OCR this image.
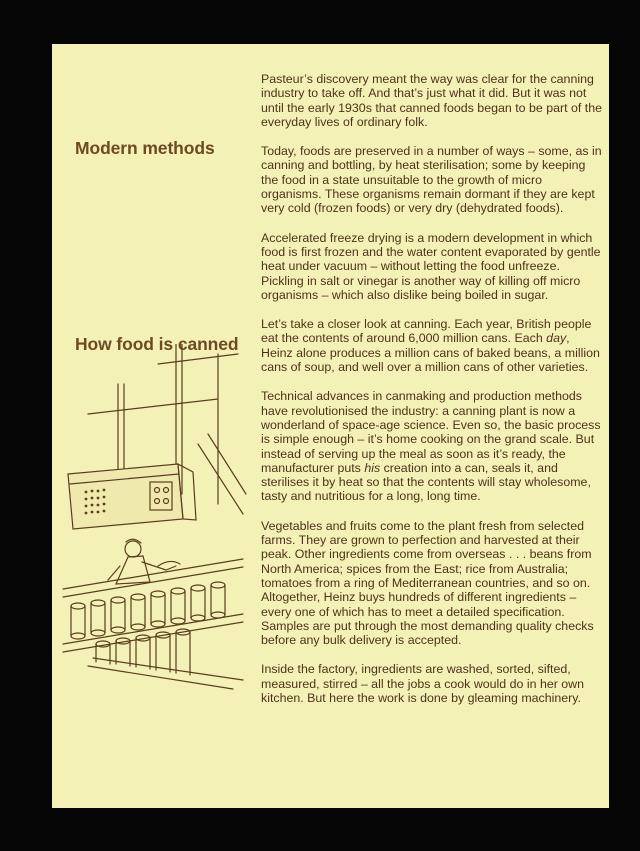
Modern methods
How food is canned

Pasteur’s discovery meant the way was clear for the canning industry to take off. And that’s just what it did. But it was not until the early 1930s that canned foods began to be part of the everyday lives of ordinary folk.

Today, foods are preserved in a number of ways – some, as in canning and bottling, by heat sterilisation; some by keeping the food in a state unsuitable to the growth of micro organisms. These organisms remain dormant if they are kept very cold (frozen foods) or very dry (dehydrated foods).

Accelerated freeze drying is a modern development in which food is first frozen and the water content evaporated by gentle heat under vacuum – without letting the food unfreeze. Pickling in salt or vinegar is another way of killing off micro organisms – which also dislike being boiled in sugar.

Let’s take a closer look at canning. Each year, British people eat the contents of around 6,000 million cans. Each day, Heinz alone produces a million cans of baked beans, a million cans of soup, and well over a million cans of other varieties.

Technical advances in canmaking and production methods have revolutionised the industry: a canning plant is now a wonderland of space-age science. Even so, the basic process is simple enough – it’s home cooking on the grand scale. But instead of serving up the meal as soon as it’s ready, the manufacturer puts his creation into a can, seals it, and sterilises it by heat so that the contents will stay wholesome, tasty and nutritious for a long, long time.

Vegetables and fruits come to the plant fresh from selected farms. They are grown to perfection and harvested at their peak. Other ingredients come from overseas . . . beans from North America; spices from the East; rice from Australia; tomatoes from a ring of Mediterranean countries, and so on. Altogether, Heinz buys hundreds of different ingredients – every one of which has to meet a detailed specification. Samples are put through the most demanding quality checks before any bulk delivery is accepted.

Inside the factory, ingredients are washed, sorted, sifted, measured, stirred – all the jobs a cook would do in her own kitchen. But here the work is done by gleaming machinery.
